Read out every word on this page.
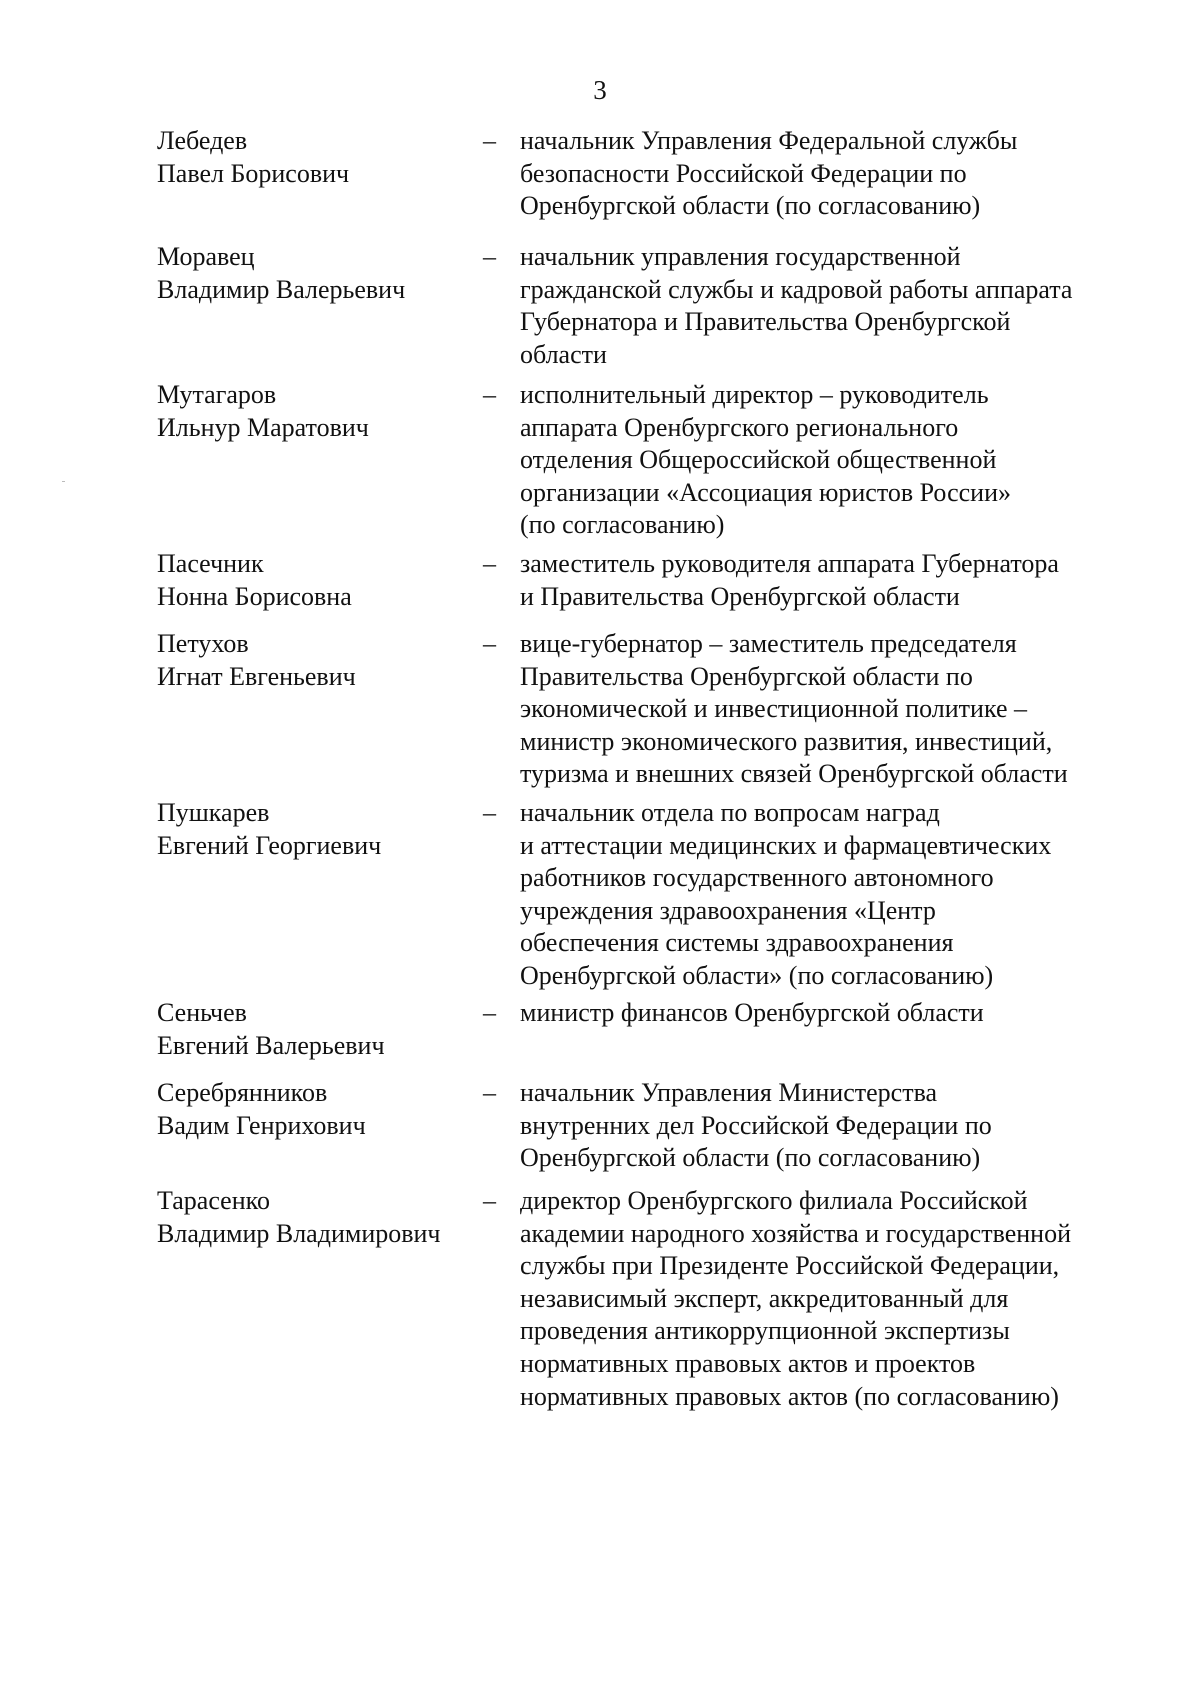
3
Лебедев
Павел Борисович
– начальник Управления Федеральной службы
безопасности Российской Федерации по
Оренбургской области (по согласованию)
Моравец
Владимир Валерьевич
– начальник управления государственной
гражданской службы и кадровой работы аппарата
Губернатора и Правительства Оренбургской
области
Мутагаров
Ильнур Маратович
– исполнительный директор – руководитель
аппарата Оренбургского регионального
отделения Общероссийской общественной
организации «Ассоциация юристов России»
(по согласованию)
Пасечник
Нонна Борисовна
– заместитель руководителя аппарата Губернатора
и Правительства Оренбургской области
Петухов
Игнат Евгеньевич
– вице-губернатор – заместитель председателя
Правительства Оренбургской области по
экономической и инвестиционной политике –
министр экономического развития, инвестиций,
туризма и внешних связей Оренбургской области
Пушкарев
Евгений Георгиевич
– начальник отдела по вопросам наград
и аттестации медицинских и фармацевтических
работников государственного автономного
учреждения здравоохранения «Центр
обеспечения системы здравоохранения
Оренбургской области» (по согласованию)
Сеньчев
Евгений Валерьевич
– министр финансов Оренбургской области
Серебрянников
Вадим Генрихович
– начальник Управления Министерства
внутренних дел Российской Федерации по
Оренбургской области (по согласованию)
Тарасенко
Владимир Владимирович
– директор Оренбургского филиала Российской
академии народного хозяйства и государственной
службы при Президенте Российской Федерации,
независимый эксперт, аккредитованный для
проведения антикоррупционной экспертизы
нормативных правовых актов и проектов
нормативных правовых актов (по согласованию)
